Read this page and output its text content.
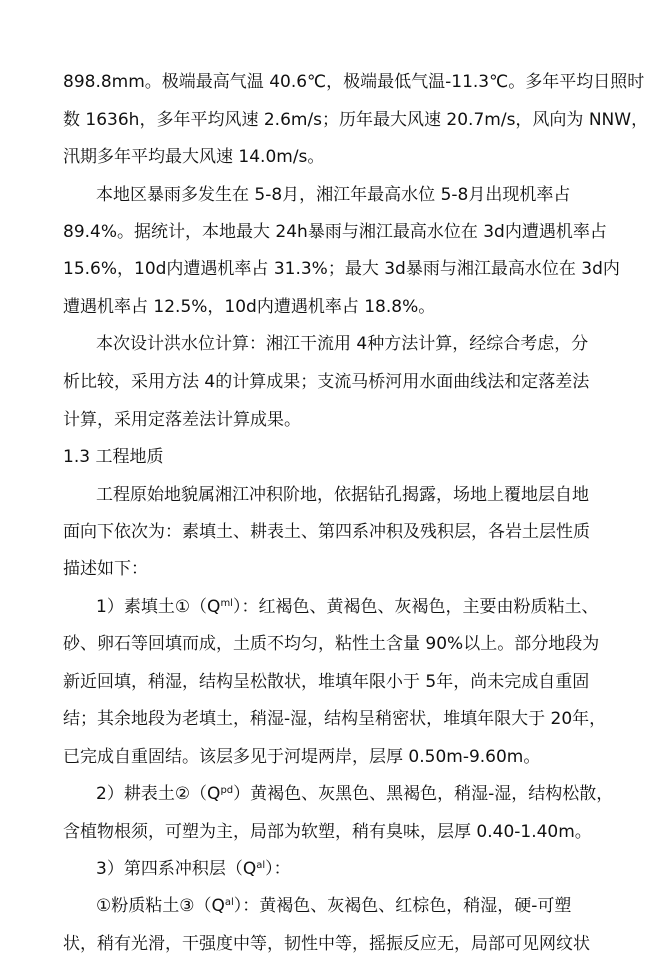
898.8mm。极端最高气温 40.6℃，极端最低气温-11.3℃。多年平均日照时
数 1636h，多年平均风速 2.6m/s；历年最大风速 20.7m/s，风向为 NNW，
汛期多年平均最大风速 14.0m/s。
本地区暴雨多发生在 5-8月，湘江年最高水位 5-8月出现机率占
89.4%。据统计，本地最大 24h暴雨与湘江最高水位在 3d内遭遇机率占
15.6%，10d内遭遇机率占 31.3%；最大 3d暴雨与湘江最高水位在 3d内
遭遇机率占 12.5%，10d内遭遇机率占 18.8%。
本次设计洪水位计算：湘江干流用 4种方法计算，经综合考虑，分
析比较，采用方法 4的计算成果；支流马桥河用水面曲线法和定落差法
计算，采用定落差法计算成果。
1.3 工程地质
工程原始地貌属湘江冲积阶地，依据钻孔揭露，场地上覆地层自地
面向下依次为：素填土、耕表土、第四系冲积及残积层，各岩土层性质
描述如下：
1）素填土$①(Q^{ml})$：红褐色、黄褐色、灰褐色，主要由粉质粘土、
砂、卵石等回填而成，土质不均匀，粘性土含量 90%以上。部分地段为
新近回填，稍湿，结构呈松散状，堆填年限小于 5年，尚未完成自重固
结；其余地段为老填土，稍湿-湿，结构呈稍密状，堆填年限大于 20年，
已完成自重固结。该层多见于河堤两岸，层厚 0.50m-9.60m。
2）耕表土$②(Q^{pd})$黄褐色、灰黑色、黑褐色，稍湿-湿，结构松散，
含植物根须，可塑为主，局部为软塑，稍有臭味，层厚 0.40-1.40m。
3）第四系冲积层$(Q^{al})$：
①粉质粘土$③(Q^{al})$：黄褐色、灰褐色、红棕色，稍湿，硬-可塑
状，稍有光滑，干强度中等，韧性中等，摇振反应无，局部可见网纹状
